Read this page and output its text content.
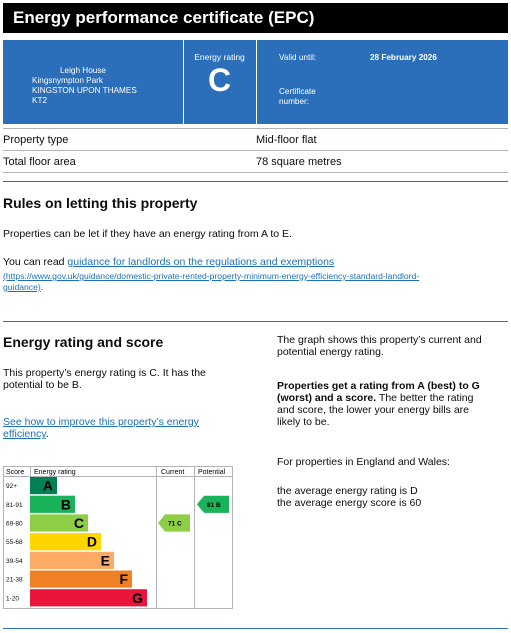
Energy performance certificate (EPC)
Leigh House
Kingsnympton Park
KINGSTON UPON THAMES
KT2
Energy rating
C
Valid until:	28 February 2026
Certificate
number:
Property type	Mid-floor flat
Total floor area	78 square metres
Rules on letting this property
Properties can be let if they have an energy rating from A to E.
You can read guidance for landlords on the regulations and exemptions
(https://www.gov.uk/guidance/domestic-private-rented-property-minimum-energy-efficiency-standard-landlord-
guidance).
Energy rating and score
This property’s energy rating is C. It has the
potential to be B.
See how to improve this property’s energy
efficiency.
The graph shows this property’s current and
potential energy rating.
Properties get a rating from A (best) to G
(worst) and a score. The better the rating
and score, the lower your energy bills are
likely to be.
For properties in England and Wales:
the average energy rating is D
the average energy score is 60
Score Energy rating	Current Potential
92+ A
81-91	B
69-80	C
55-68	D
39-54	E
21-38	F
1-20	G
71 C
81 B
